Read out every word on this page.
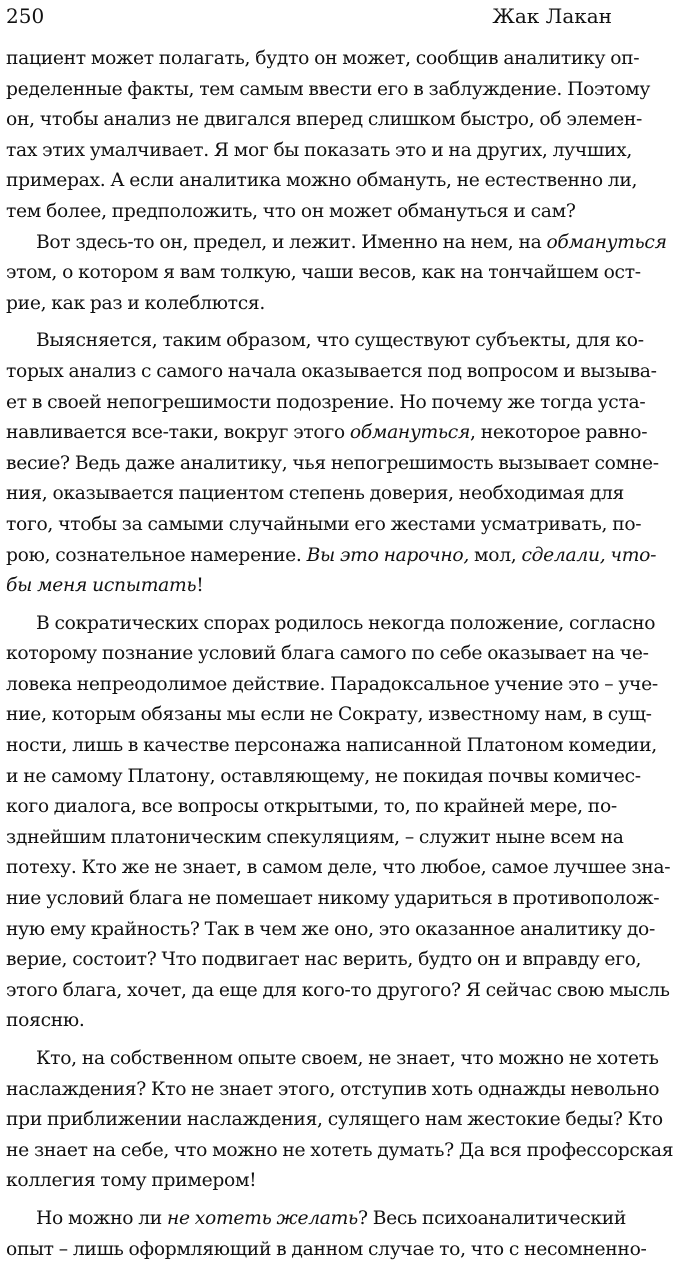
250	Жак Лакан
пациент может полагать, будто он может, сообщив аналитику оп-
ределенные факты, тем самым ввести его в заблуждение. Поэтому
он, чтобы анализ не двигался вперед слишком быстро, об элемен-
тах этих умалчивает. Я мог бы показать это и на других, лучших,
примерах. А если аналитика можно обмануть, не естественно ли,
тем более, предположить, что он может обмануться и сам?
Вот здесь-то он, предел, и лежит. Именно на нем, на обмануться
этом, о котором я вам толкую, чаши весов, как на тончайшем ост-
рие, как раз и колеблются.
Выясняется, таким образом, что существуют субъекты, для ко-
торых анализ с самого начала оказывается под вопросом и вызыва-
ет в своей непогрешимости подозрение. Но почему же тогда уста-
навливается все-таки, вокруг этого обмануться, некоторое равно-
весие? Ведь даже аналитику, чья непогрешимость вызывает сомне-
ния, оказывается пациентом степень доверия, необходимая для
того, чтобы за самыми случайными его жестами усматривать, по-
рою, сознательное намерение. Вы это нарочно, мол, сделали, что-
бы меня испытать!
В сократических спорах родилось некогда положение, согласно
которому познание условий блага самого по себе оказывает на че-
ловека непреодолимое действие. Парадоксальное учение это – уче-
ние, которым обязаны мы если не Сократу, известному нам, в сущ-
ности, лишь в качестве персонажа написанной Платоном комедии,
и не самому Платону, оставляющему, не покидая почвы комичес-
кого диалога, все вопросы открытыми, то, по крайней мере, по-
зднейшим платоническим спекуляциям, – служит ныне всем на
потеху. Кто же не знает, в самом деле, что любое, самое лучшее зна-
ние условий блага не помешает никому удариться в противополож-
ную ему крайность? Так в чем же оно, это оказанное аналитику до-
верие, состоит? Что подвигает нас верить, будто он и вправду его,
этого блага, хочет, да еще для кого-то другого? Я сейчас свою мысль
поясню.
Кто, на собственном опыте своем, не знает, что можно не хотеть
наслаждения? Кто не знает этого, отступив хоть однажды невольно
при приближении наслаждения, сулящего нам жестокие беды? Кто
не знает на себе, что можно не хотеть думать? Да вся профессорская
коллегия тому примером!
Но можно ли не хотеть желать? Весь психоаналитический
опыт – лишь оформляющий в данном случае то, что с несомненно-
